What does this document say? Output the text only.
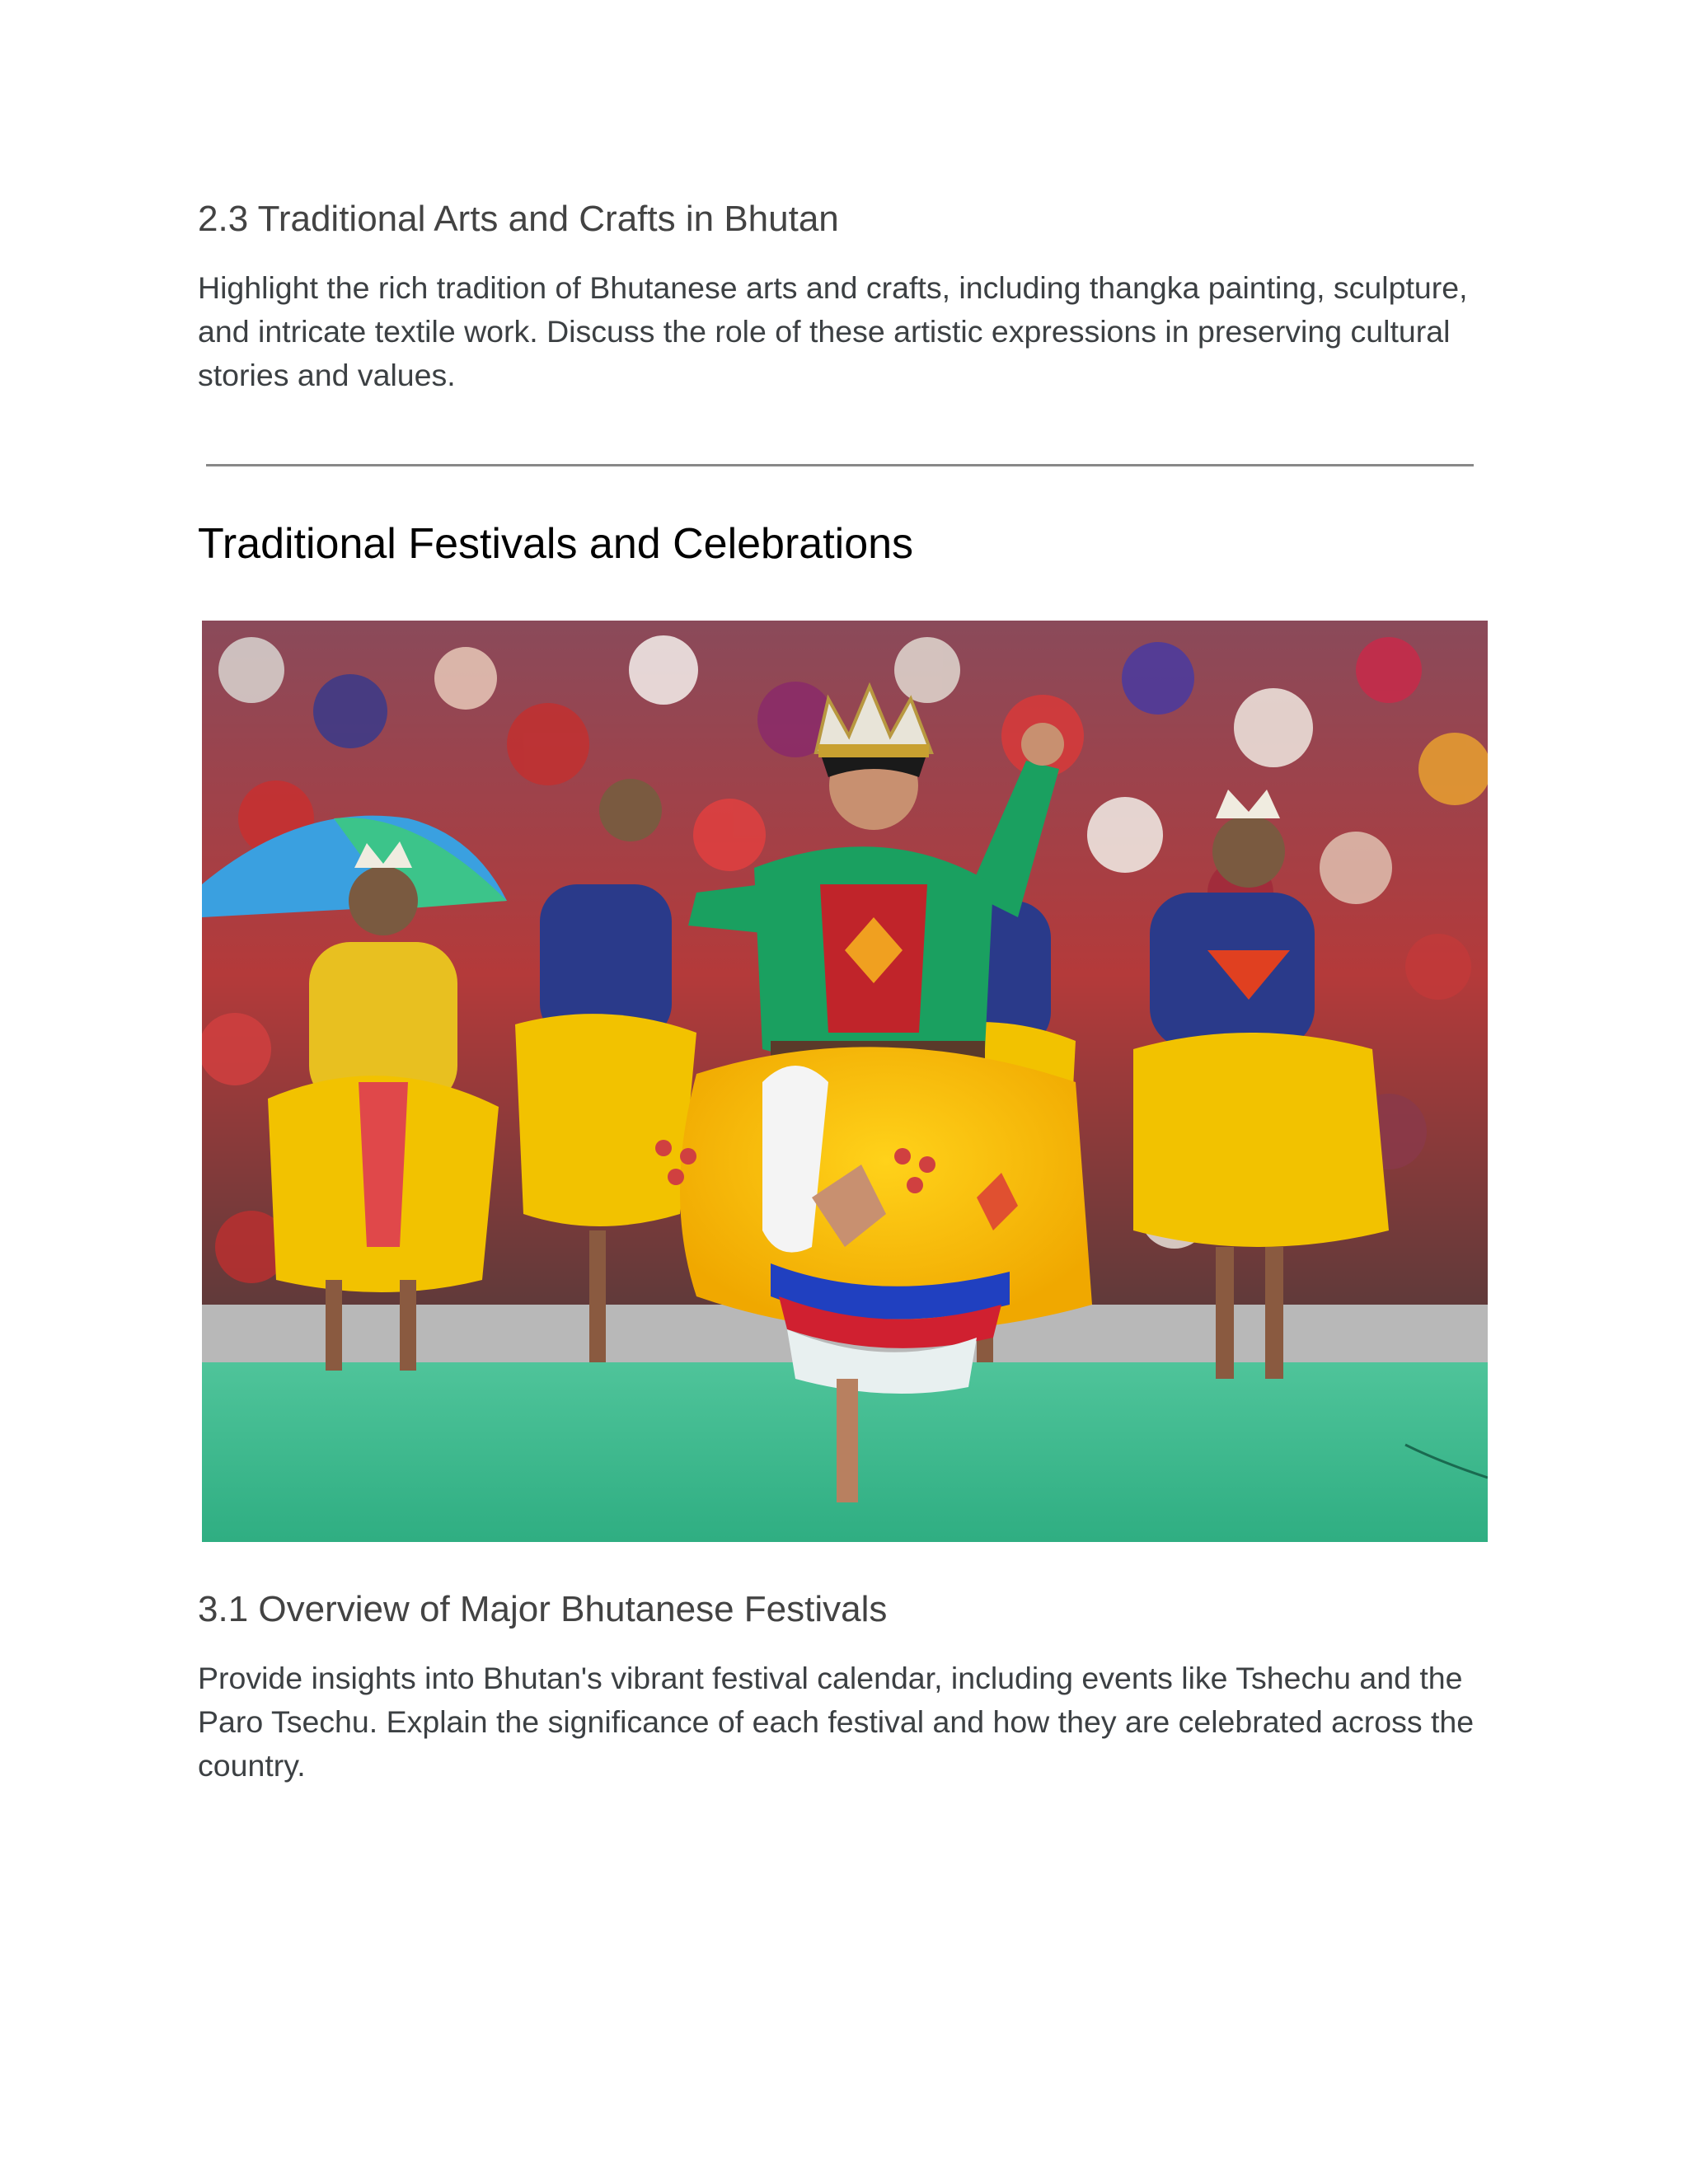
2.3 Traditional Arts and Crafts in Bhutan

Highlight the rich tradition of Bhutanese arts and crafts, including thangka painting, sculpture, and intricate textile work. Discuss the role of these artistic expressions in preserving cultural stories and values.

Traditional Festivals and Celebrations
3.1 Overview of Major Bhutanese Festivals

Provide insights into Bhutan's vibrant festival calendar, including events like Tshechu and the Paro Tsechu. Explain the significance of each festival and how they are celebrated across the country.
